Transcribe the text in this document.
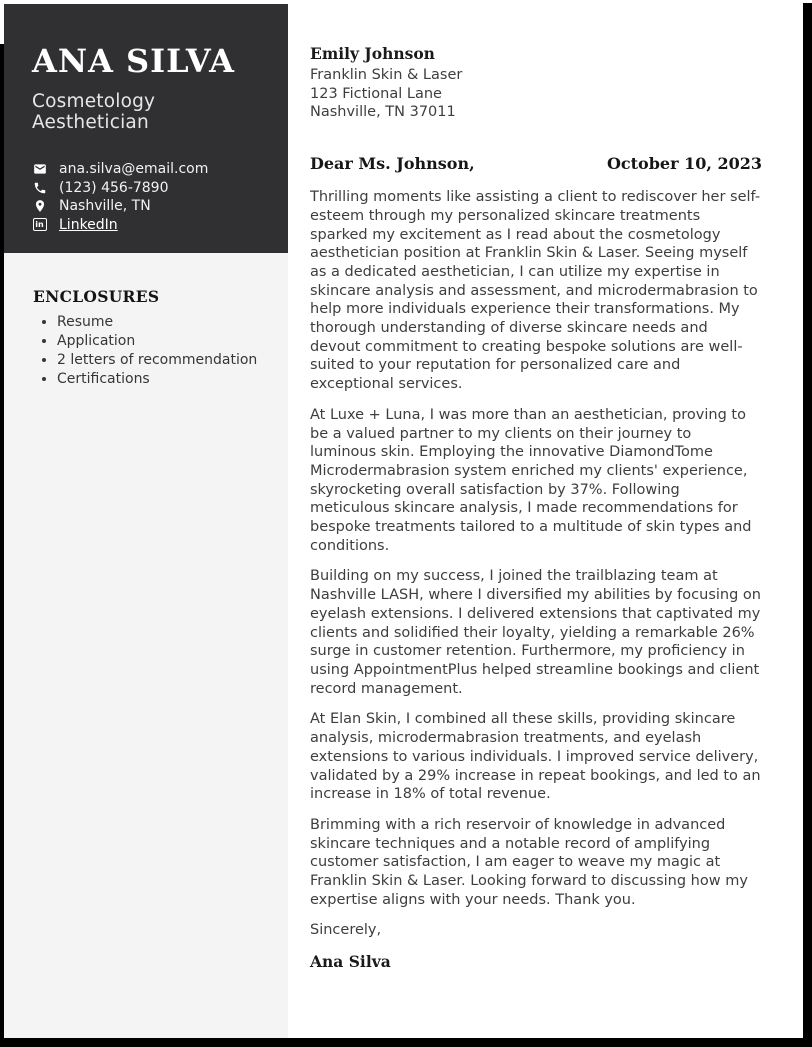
ANA SILVA
Cosmetology Aesthetician
ana.silva@email.com
(123) 456-7890
Nashville, TN
in LinkedIn
ENCLOSURES
• Resume
• Application
• 2 letters of recommendation
• Certifications
Emily Johnson
Franklin Skin & Laser
123 Fictional Lane
Nashville, TN 37011
Dear Ms. Johnson,	October 10, 2023

Thrilling moments like assisting a client to rediscover her self-esteem through my personalized skincare treatments sparked my excitement as I read about the cosmetology aesthetician position at Franklin Skin & Laser. Seeing myself as a dedicated aesthetician, I can utilize my expertise in skincare analysis and assessment, and microdermabrasion to help more individuals experience their transformations. My thorough understanding of diverse skincare needs and devout commitment to creating bespoke solutions are well-suited to your reputation for personalized care and exceptional services.

At Luxe + Luna, I was more than an aesthetician, proving to be a valued partner to my clients on their journey to luminous skin. Employing the innovative DiamondTome Microdermabrasion system enriched my clients' experience, skyrocketing overall satisfaction by 37%. Following meticulous skincare analysis, I made recommendations for bespoke treatments tailored to a multitude of skin types and conditions.

Building on my success, I joined the trailblazing team at Nashville LASH, where I diversified my abilities by focusing on eyelash extensions. I delivered extensions that captivated my clients and solidified their loyalty, yielding a remarkable 26% surge in customer retention. Furthermore, my proficiency in using AppointmentPlus helped streamline bookings and client record management.

At Elan Skin, I combined all these skills, providing skincare analysis, microdermabrasion treatments, and eyelash extensions to various individuals. I improved service delivery, validated by a 29% increase in repeat bookings, and led to an increase in 18% of total revenue.

Brimming with a rich reservoir of knowledge in advanced skincare techniques and a notable record of amplifying customer satisfaction, I am eager to weave my magic at Franklin Skin & Laser. Looking forward to discussing how my expertise aligns with your needs. Thank you.

Sincerely,

Ana Silva
